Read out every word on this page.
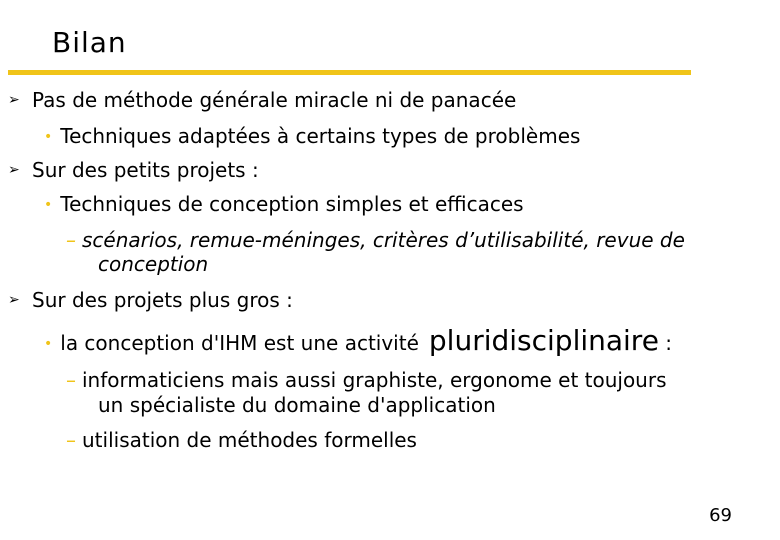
Bilan
➢ Pas de méthode générale miracle ni de panacée
• Techniques adaptées à certains types de problèmes
➢ Sur des petits projets :
• Techniques de conception simples et efficaces
– scénarios, remue-méninges, critères d’utilisabilité, revue de
conception
➢ Sur des projets plus gros :
• la conception d'IHM est une activité pluridisciplinaire :
– informaticiens mais aussi graphiste, ergonome et toujours
un spécialiste du domaine d'application
– utilisation de méthodes formelles
69
